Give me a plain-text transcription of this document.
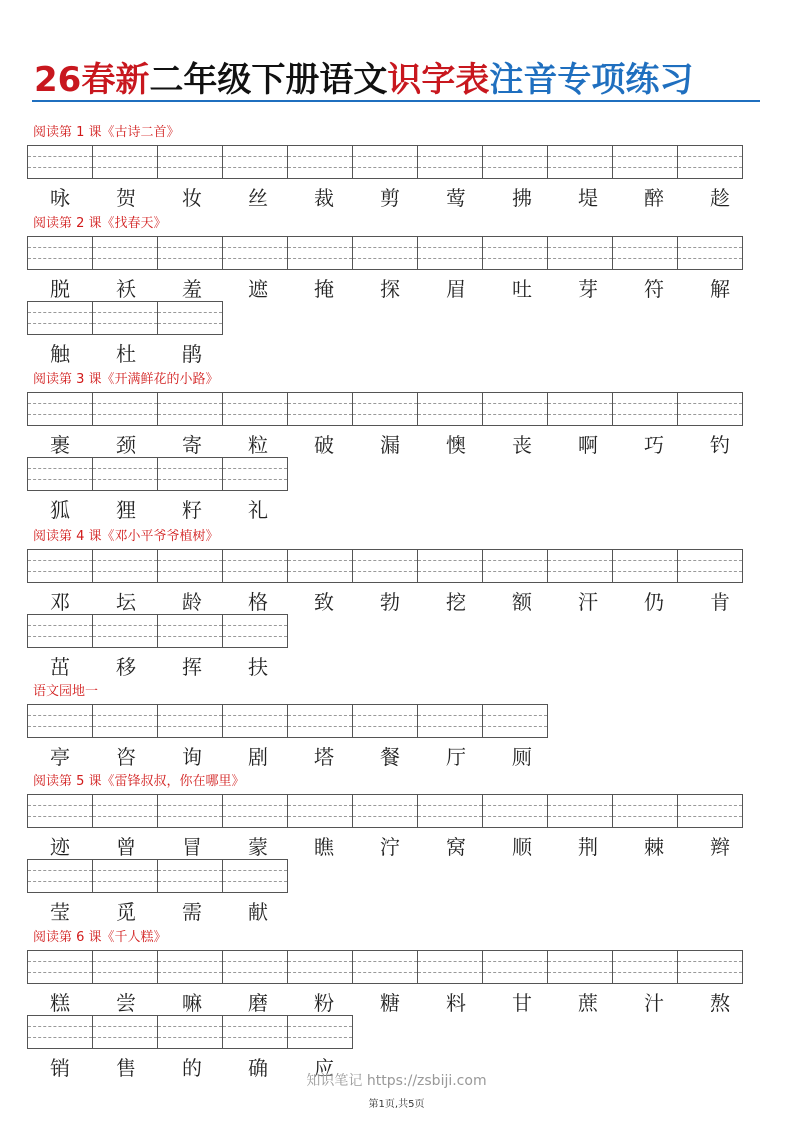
26春新二年级下册语文识字表注音专项练习
阅读第 1 课《古诗二首》
咏	贺	妆	丝	裁	剪	莺	拂	堤	醉	趁
阅读第 2 课《找春天》
脱	袄	羞	遮	掩	探	眉	吐	芽	符	解
触	杜	鹃
阅读第 3 课《开满鲜花的小路》
裹	颈	寄	粒	破	漏	懊	丧	啊	巧	钓
狐	狸	籽	礼
阅读第 4 课《邓小平爷爷植树》
邓	坛	龄	格	致	勃	挖	额	汗	仍	肯
茁	移	挥	扶
语文园地一
亭	咨	询	剧	塔	餐	厅	厕
阅读第 5 课《雷锋叔叔，你在哪里》
迹	曾	冒	蒙	瞧	泞	窝	顺	荆	棘	辫
莹	觅	需	献
阅读第 6 课《千人糕》
糕	尝	嘛	磨	粉	糖	料	甘	蔗	汁	熬
销	售	的	确	应
知识笔记 https://zsbiji.com
第1页,共5页
